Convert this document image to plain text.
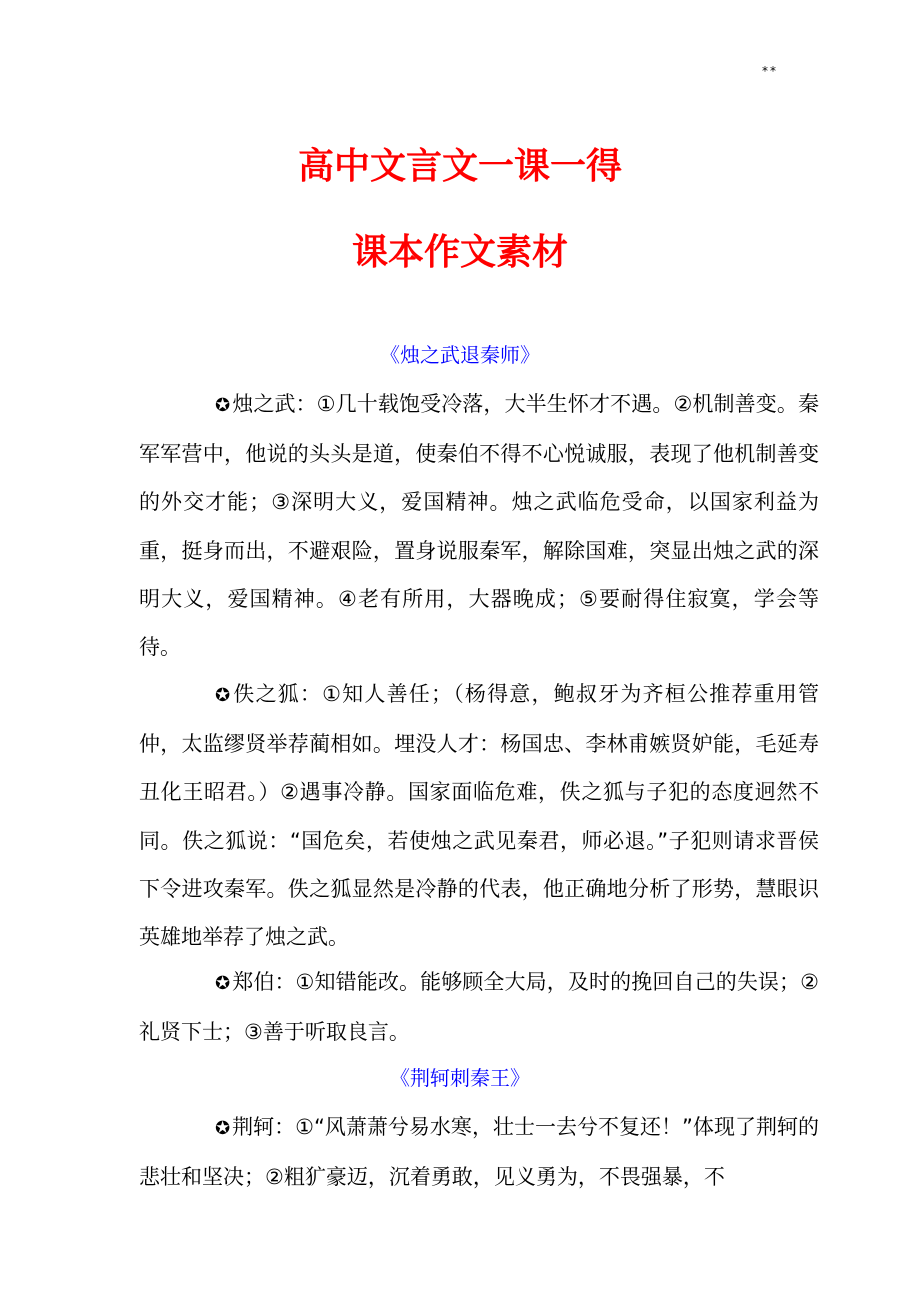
**
高中文言文一课一得
课本作文素材
《烛之武退秦师》

✪烛之武：①几十载饱受冷落，大半生怀才不遇。②机制善变。秦军军营中，他说的头头是道，使秦伯不得不心悦诚服，表现了他机制善变的外交才能；③深明大义，爱国精神。烛之武临危受命，以国家利益为重，挺身而出，不避艰险，置身说服秦军，解除国难，突显出烛之武的深明大义，爱国精神。④老有所用，大器晚成；⑤要耐得住寂寞，学会等待。

✪佚之狐：①知人善任；（杨得意，鲍叔牙为齐桓公推荐重用管仲，太监缪贤举荐蔺相如。埋没人才：杨国忠、李林甫嫉贤妒能，毛延寿丑化王昭君。）②遇事冷静。国家面临危难，佚之狐与子犯的态度迥然不同。佚之狐说：“国危矣，若使烛之武见秦君，师必退。”子犯则请求晋侯下令进攻秦军。佚之狐显然是冷静的代表，他正确地分析了形势，慧眼识英雄地举荐了烛之武。

✪郑伯：①知错能改。能够顾全大局，及时的挽回自己的失误；②礼贤下士；③善于听取良言。

《荆轲刺秦王》

✪荆轲：①“风萧萧兮易水寒，壮士一去兮不复还！”体现了荆轲的悲壮和坚决；②粗犷豪迈，沉着勇敢，见义勇为，不畏强暴，不
